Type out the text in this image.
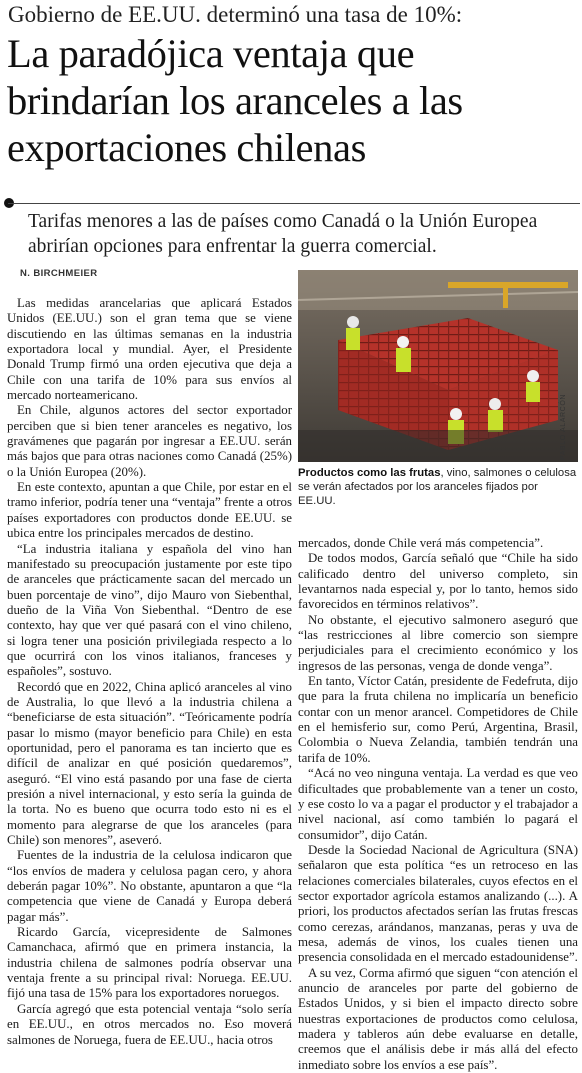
Gobierno de EE.UU. determinó una tasa de 10%:
La paradójica ventaja que brindarían los aranceles a las exportaciones chilenas
Tarifas menores a las de países como Canadá o la Unión Europea abrirían opciones para enfrentar la guerra comercial.
N. BIRCHMEIER

Las medidas arancelarias que aplicará Estados Unidos (EE.UU.) son el gran tema que se viene discutiendo en las últimas semanas en la industria exportadora local y mundial. Ayer, el Presidente Donald Trump firmó una orden ejecutiva que deja a Chile con una tarifa de 10% para sus envíos al mercado norteamericano.

En Chile, algunos actores del sector exportador perciben que si bien tener aranceles es negativo, los gravámenes que pagarán por ingresar a EE.UU. serán más bajos que para otras naciones como Canadá (25%) o la Unión Europea (20%).

En este contexto, apuntan a que Chile, por estar en el tramo inferior, podría tener una “ventaja” frente a otros países exportadores con productos donde EE.UU. se ubica entre los principales mercados de destino.

“La industria italiana y española del vino han manifestado su preocupación justamente por este tipo de aranceles que prácticamente sacan del mercado un buen porcentaje de vino”, dijo Mauro von Siebenthal, dueño de la Viña Von Siebenthal. “Dentro de ese contexto, hay que ver qué pasará con el vino chileno, si logra tener una posición privilegiada respecto a lo que ocurrirá con los vinos italianos, franceses y españoles”, sostuvo.

Recordó que en 2022, China aplicó aranceles al vino de Australia, lo que llevó a la industria chilena a “beneficiarse de esta situación”. “Teóricamente podría pasar lo mismo (mayor beneficio para Chile) en esta oportunidad, pero el panorama es tan incierto que es difícil de analizar en qué posición quedaremos”, aseguró. “El vino está pasando por una fase de cierta presión a nivel internacional, y esto sería la guinda de la torta. No es bueno que ocurra todo esto ni es el momento para alegrarse de que los aranceles (para Chile) son menores”, aseveró.

Fuentes de la industria de la celulosa indicaron que “los envíos de madera y celulosa pagan cero, y ahora deberán pagar 10%”. No obstante, apuntaron a que “la competencia que viene de Canadá y Europa deberá pagar más”.

Ricardo García, vicepresidente de Salmones Camanchaca, afirmó que en primera instancia, la industria chilena de salmones podría observar una ventaja frente a su principal rival: Noruega. EE.UU. fijó una tasa de 15% para los exportadores noruegos.

García agregó que esta potencial ventaja “solo sería en EE.UU., en otros mercados no. Eso moverá salmones de Noruega, fuera de EE.UU., hacia otros

PABLO ALARCÓN
Productos como las frutas, vino, salmones o celulosa se verán afectados por los aranceles fijados por EE.UU.

mercados, donde Chile verá más competencia”.

De todos modos, García señaló que “Chile ha sido calificado dentro del universo completo, sin levantarnos nada especial y, por lo tanto, hemos sido favorecidos en términos relativos”.

No obstante, el ejecutivo salmonero aseguró que “las restricciones al libre comercio son siempre perjudiciales para el crecimiento económico y los ingresos de las personas, venga de donde venga”.

En tanto, Víctor Catán, presidente de Fedefruta, dijo que para la fruta chilena no implicaría un beneficio contar con un menor arancel. Competidores de Chile en el hemisferio sur, como Perú, Argentina, Brasil, Colombia o Nueva Zelandia, también tendrán una tarifa de 10%.

“Acá no veo ninguna ventaja. La verdad es que veo dificultades que probablemente van a tener un costo, y ese costo lo va a pagar el productor y el trabajador a nivel nacional, así como también lo pagará el consumidor”, dijo Catán.

Desde la Sociedad Nacional de Agricultura (SNA) señalaron que esta política “es un retroceso en las relaciones comerciales bilaterales, cuyos efectos en el sector exportador agrícola estamos analizando (...). A priori, los productos afectados serían las frutas frescas como cerezas, arándanos, manzanas, peras y uva de mesa, además de vinos, los cuales tienen una presencia consolidada en el mercado estadounidense”.

A su vez, Corma afirmó que siguen “con atención el anuncio de aranceles por parte del gobierno de Estados Unidos, y si bien el impacto directo sobre nuestras exportaciones de productos como celulosa, madera y tableros aún debe evaluarse en detalle, creemos que el análisis debe ir más allá del efecto inmediato sobre los envíos a ese país”.
